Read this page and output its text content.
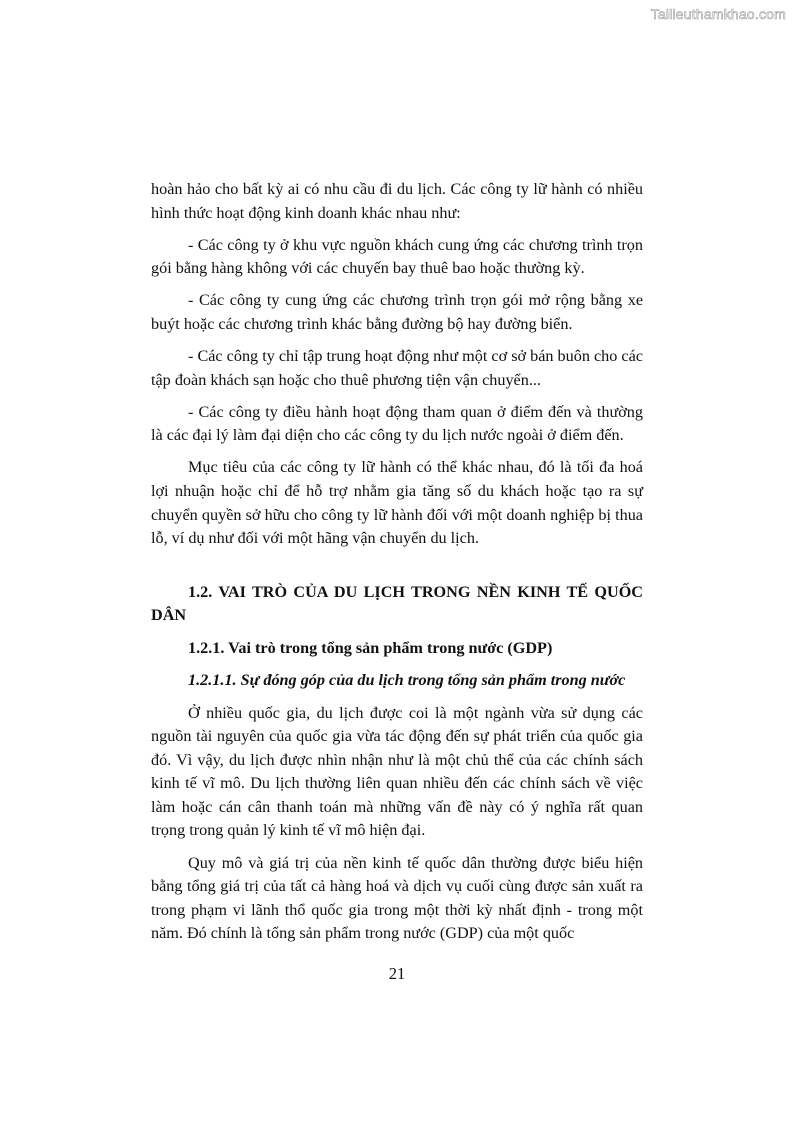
Tailieuthamkhao.com

hoàn hảo cho bất kỳ ai có nhu cầu đi du lịch. Các công ty lữ hành có nhiều hình thức hoạt động kinh doanh khác nhau như:

- Các công ty ở khu vực nguồn khách cung ứng các chương trình trọn gói bằng hàng không với các chuyến bay thuê bao hoặc thường kỳ.

- Các công ty cung ứng các chương trình trọn gói mở rộng bằng xe buýt hoặc các chương trình khác bằng đường bộ hay đường biển.

- Các công ty chỉ tập trung hoạt động như một cơ sở bán buôn cho các tập đoàn khách sạn hoặc cho thuê phương tiện vận chuyển...

- Các công ty điều hành hoạt động tham quan ở điểm đến và thường là các đại lý làm đại diện cho các công ty du lịch nước ngoài ở điểm đến.

Mục tiêu của các công ty lữ hành có thể khác nhau, đó là tối đa hoá lợi nhuận hoặc chỉ để hỗ trợ nhằm gia tăng số du khách hoặc tạo ra sự chuyển quyền sở hữu cho công ty lữ hành đối với một doanh nghiệp bị thua lỗ, ví dụ như đối với một hãng vận chuyển du lịch.

1.2. VAI TRÒ CỦA DU LỊCH TRONG NỀN KINH TẾ QUỐC DÂN

1.2.1. Vai trò trong tổng sản phẩm trong nước (GDP)

1.2.1.1. Sự đóng góp của du lịch trong tổng sản phẩm trong nước

Ở nhiều quốc gia, du lịch được coi là một ngành vừa sử dụng các nguồn tài nguyên của quốc gia vừa tác động đến sự phát triển của quốc gia đó. Vì vậy, du lịch được nhìn nhận như là một chủ thể của các chính sách kinh tế vĩ mô. Du lịch thường liên quan nhiều đến các chính sách về việc làm hoặc cán cân thanh toán mà những vấn đề này có ý nghĩa rất quan trọng trong quản lý kinh tế vĩ mô hiện đại.

Quy mô và giá trị của nền kinh tế quốc dân thường được biểu hiện bằng tổng giá trị của tất cả hàng hoá và dịch vụ cuối cùng được sản xuất ra trong phạm vi lãnh thổ quốc gia trong một thời kỳ nhất định - trong một năm. Đó chính là tổng sản phẩm trong nước (GDP) của một quốc

21
